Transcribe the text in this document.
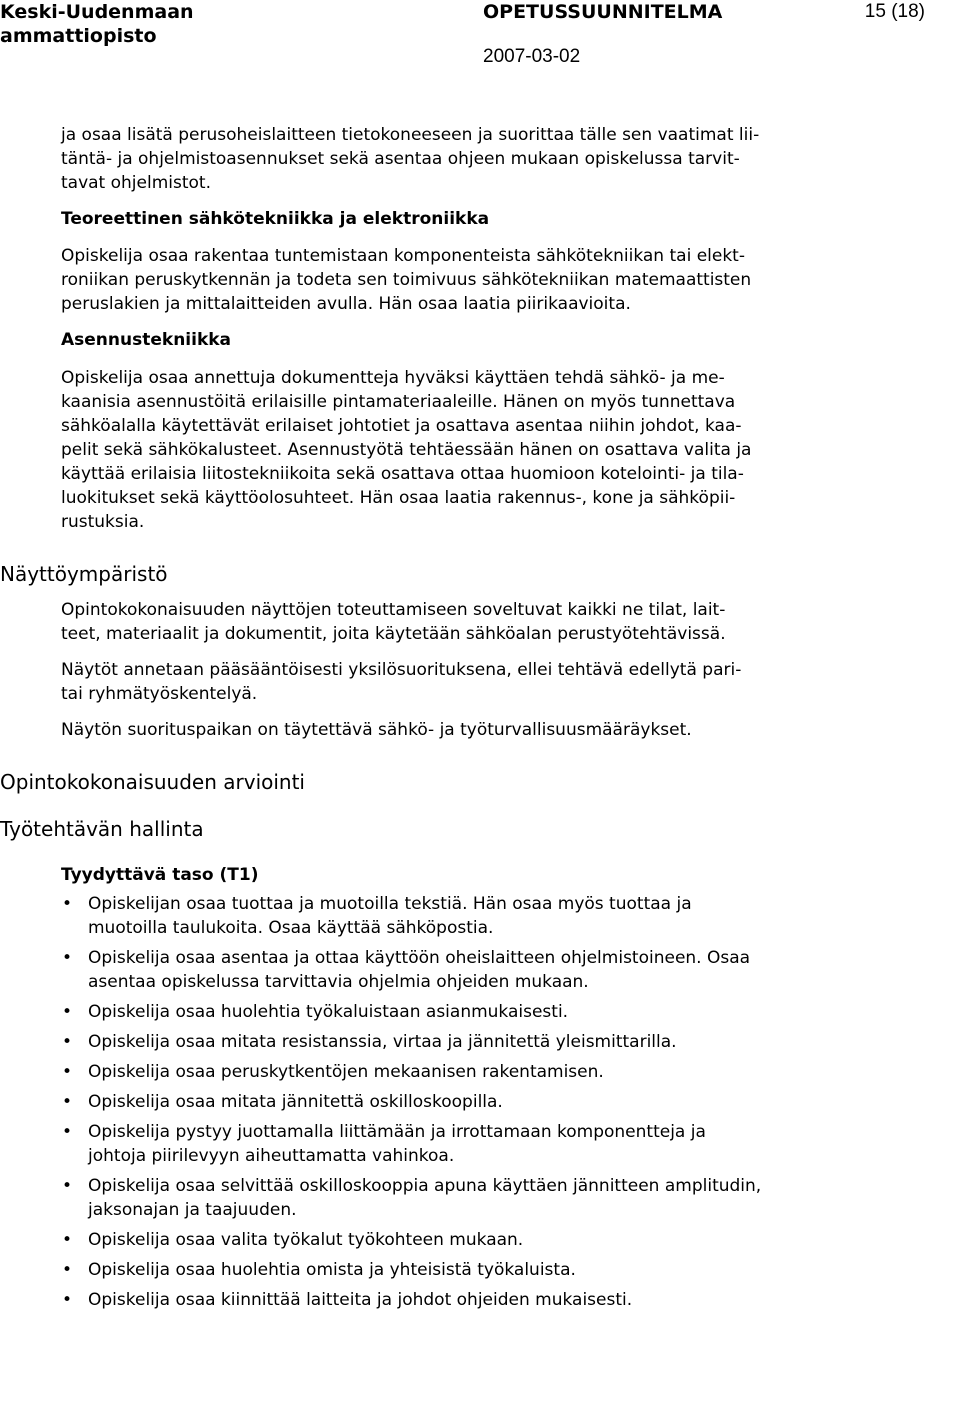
Keski-Uudenmaan
ammattiopisto
OPETUSSUUNNITELMA
2007-03-02
15 (18)

ja osaa lisätä perusoheislaitteen tietokoneeseen ja suorittaa tälle sen vaatimat lii-
täntä- ja ohjelmistoasennukset sekä asentaa ohjeen mukaan opiskelussa tarvit-
tavat ohjelmistot.

Teoreettinen sähkötekniikka ja elektroniikka

Opiskelija osaa rakentaa tuntemistaan komponenteista sähkötekniikan tai elekt-
roniikan peruskytkennän ja todeta sen toimivuus sähkötekniikan matemaattisten
peruslakien ja mittalaitteiden avulla. Hän osaa laatia piirikaavioita.

Asennustekniikka

Opiskelija osaa annettuja dokumentteja hyväksi käyttäen tehdä sähkö- ja me-
kaanisia asennustöitä erilaisille pintamateriaaleille. Hänen on myös tunnettava
sähköalalla käytettävät erilaiset johtotiet ja osattava asentaa niihin johdot, kaa-
pelit sekä sähkökalusteet. Asennustyötä tehtäessään hänen on osattava valita ja
käyttää erilaisia liitostekniikoita sekä osattava ottaa huomioon kotelointi- ja tila-
luokitukset sekä käyttöolosuhteet. Hän osaa laatia rakennus-, kone ja sähköpii-
rustuksia.

Näyttöympäristö

Opintokokonaisuuden näyttöjen toteuttamiseen soveltuvat kaikki ne tilat, lait-
teet, materiaalit ja dokumentit, joita käytetään sähköalan perustyötehtävissä.

Näytöt annetaan pääsääntöisesti yksilösuorituksena, ellei tehtävä edellytä pari-
tai ryhmätyöskentelyä.

Näytön suorituspaikan on täytettävä sähkö- ja työturvallisuusmääräykset.

Opintokokonaisuuden arviointi
Työtehtävän hallinta
Tyydyttävä taso (T1)
• Opiskelijan osaa tuottaa ja muotoilla tekstiä. Hän osaa myös tuottaa ja
muotoilla taulukoita. Osaa käyttää sähköpostia.
• Opiskelija osaa asentaa ja ottaa käyttöön oheislaitteen ohjelmistoineen. Osaa
asentaa opiskelussa tarvittavia ohjelmia ohjeiden mukaan.
• Opiskelija osaa huolehtia työkaluistaan asianmukaisesti.
• Opiskelija osaa mitata resistanssia, virtaa ja jännitettä yleismittarilla.
• Opiskelija osaa peruskytkentöjen mekaanisen rakentamisen.
• Opiskelija osaa mitata jännitettä oskilloskoopilla.
• Opiskelija pystyy juottamalla liittämään ja irrottamaan komponentteja ja
johtoja piirilevyyn aiheuttamatta vahinkoa.
• Opiskelija osaa selvittää oskilloskooppia apuna käyttäen jännitteen amplitudin,
jaksonajan ja taajuuden.
• Opiskelija osaa valita työkalut työkohteen mukaan.
• Opiskelija osaa huolehtia omista ja yhteisistä työkaluista.
• Opiskelija osaa kiinnittää laitteita ja johdot ohjeiden mukaisesti.
